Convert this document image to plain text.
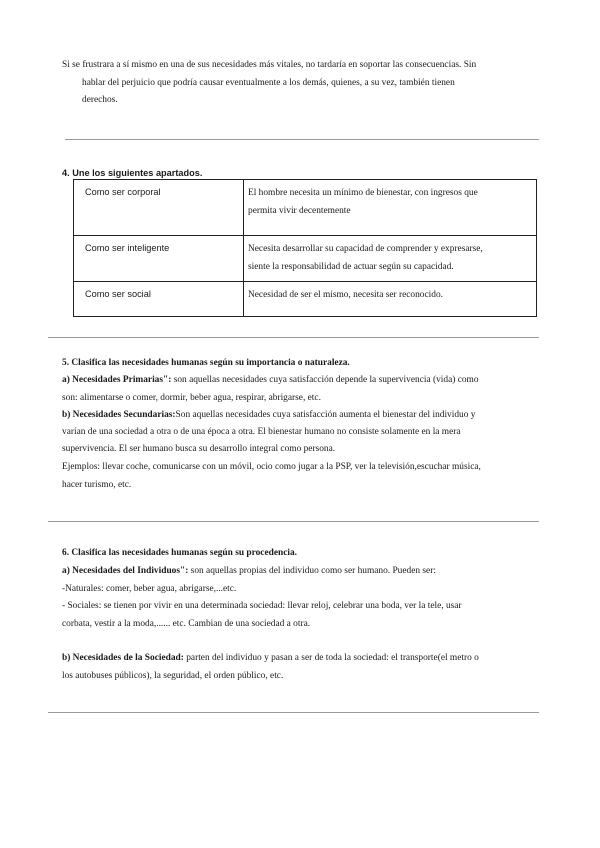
Si se frustrara a sí mismo en una de sus necesidades más vitales, no tardaría en soportar las consecuencias. Sin
hablar del perjuicio que podría causar eventualmente a los demás, quienes, a su vez, también tienen
derechos.
4. Une los siguientes apartados.
Como ser corporal	El hombre necesita un mínimo de bienestar, con ingresos que
permita vivir decentemente
Como ser inteligente	Necesita desarrollar su capacidad de comprender y expresarse,
siente la responsabilidad de actuar según su capacidad.
Como ser social	Necesidad de ser el mismo, necesita ser reconocido.
5. Clasifica las necesidades humanas según su importancia o naturaleza.
a) Necesidades Primarias": son aquellas necesidades cuya satisfacción depende la supervivencia (vida) como
son: alimentarse o comer, dormir, beber agua, respirar, abrigarse, etc.
b) Necesidades Secundarias:Son aquellas necesidades cuya satisfacción aumenta el bienestar del individuo y
varían de una sociedad a otra o de una época a otra. El bienestar humano no consiste solamente en la mera
supervivencia. El ser humano busca su desarrollo integral como persona.
Ejemplos: llevar coche, comunicarse con un móvil, ocio como jugar a la PSP, ver la televisión,escuchar música,
hacer turismo, etc.
6. Clasifica las necesidades humanas según su procedencia.
a) Necesidades del Individuos": son aquellas propias del individuo como ser humano. Pueden ser:
-Naturales: comer, beber agua, abrigarse,...etc.
- Sociales: se tienen por vivir en una determinada sociedad: llevar reloj, celebrar una boda, ver la tele, usar
corbata, vestir a la moda,...... etc. Cambian de una sociedad a otra.
b) Necesidades de la Sociedad: parten del individuo y pasan a ser de toda la sociedad: el transporte(el metro o
los autobuses públicos), la seguridad, el orden público, etc.
